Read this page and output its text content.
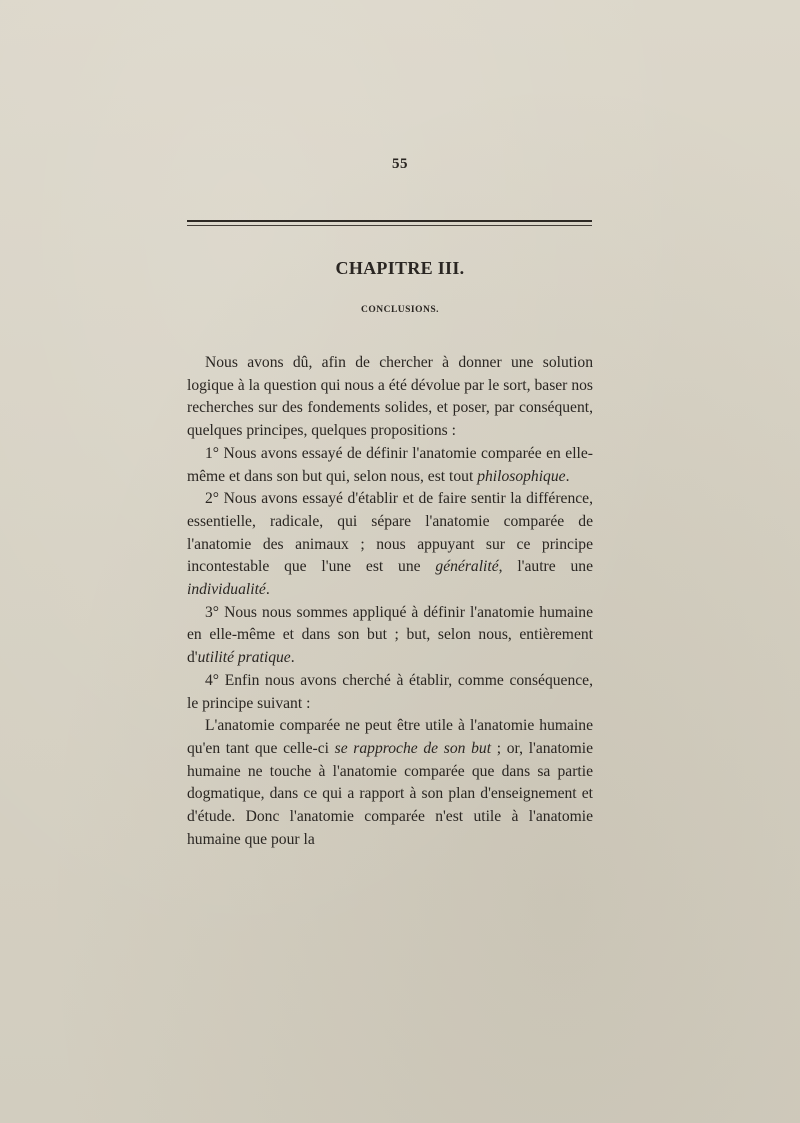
55
CHAPITRE III.
CONCLUSIONS.

Nous avons dû, afin de chercher à donner une solution logique à la question qui nous a été dévolue par le sort, baser nos recherches sur des fondements solides, et poser, par conséquent, quelques principes, quelques propositions :

1° Nous avons essayé de définir l'anatomie comparée en elle-même et dans son but qui, selon nous, est tout philosophique.

2° Nous avons essayé d'établir et de faire sentir la différence, essentielle, radicale, qui sépare l'anatomie comparée de l'anatomie des animaux ; nous appuyant sur ce principe incontestable que l'une est une généralité, l'autre une individualité.

3° Nous nous sommes appliqué à définir l'anatomie humaine en elle-même et dans son but ; but, selon nous, entièrement d'utilité pratique.

4° Enfin nous avons cherché à établir, comme conséquence, le principe suivant :

L'anatomie comparée ne peut être utile à l'anatomie humaine qu'en tant que celle-ci se rapproche de son but ; or, l'anatomie humaine ne touche à l'anatomie comparée que dans sa partie dogmatique, dans ce qui a rapport à son plan d'enseignement et d'étude. Donc l'anatomie comparée n'est utile à l'anatomie humaine que pour la
